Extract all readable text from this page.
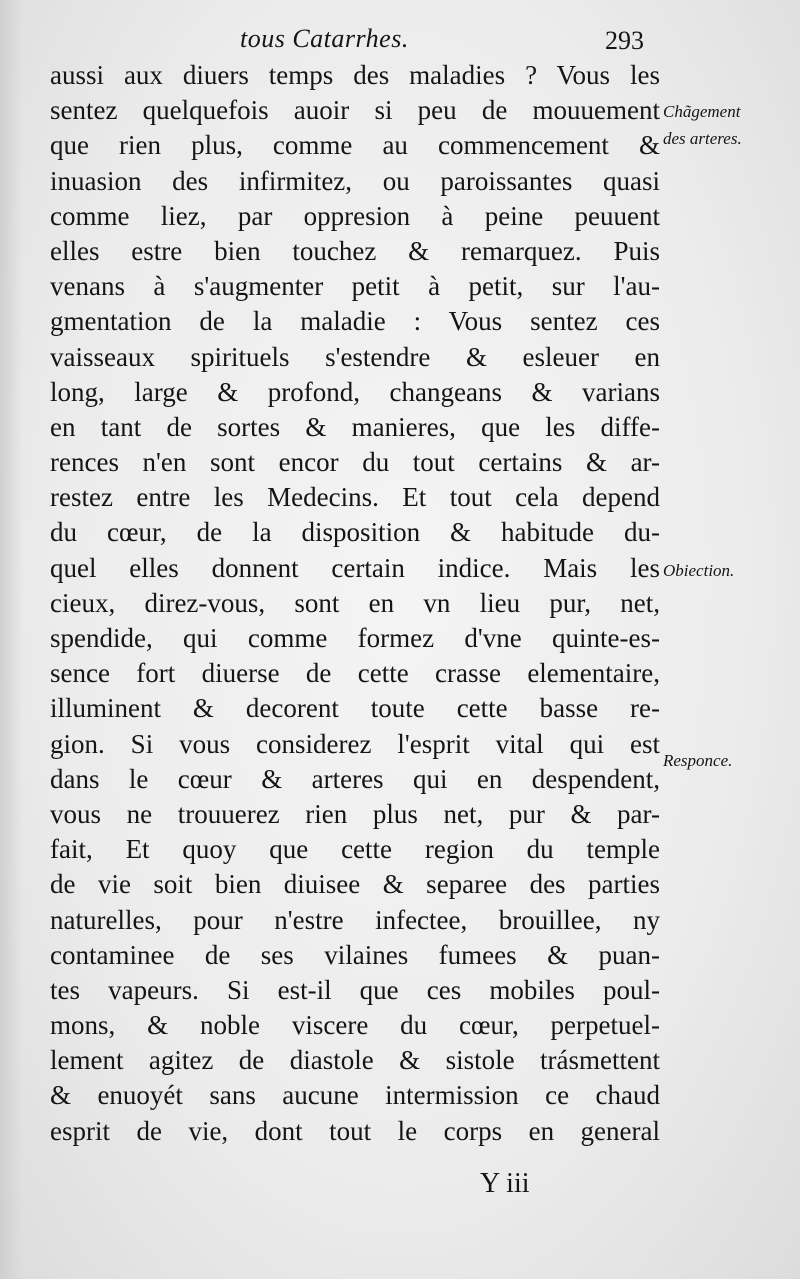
tous Catarrhes.	293
aussi aux diuers temps des maladies ? Vous les
sentez quelquefois auoir si peu de mouuement
que rien plus, comme au commencement &
inuasion des infirmitez, ou paroissantes quasi
comme liez, par oppresion à peine peuuent
elles estre bien touchez & remarquez. Puis
venans à s'augmenter petit à petit, sur l'au-
gmentation de la maladie : Vous sentez ces
vaisseaux spirituels s'estendre & esleuer en
long, large & profond, changeans & varians
en tant de sortes & manieres, que les diffe-
rences n'en sont encor du tout certains & ar-
restez entre les Medecins. Et tout cela depend
du cœur, de la disposition & habitude du-
quel elles donnent certain indice. Mais les
cieux, direz-vous, sont en vn lieu pur, net,
spendide, qui comme formez d'vne quinte-es-
sence fort diuerse de cette crasse elementaire,
illuminent & decorent toute cette basse re-
gion. Si vous considerez l'esprit vital qui est
dans le cœur & arteres qui en despendent,
vous ne trouuerez rien plus net, pur & par-
fait, Et quoy que cette region du temple
de vie soit bien diuisee & separee des parties
naturelles, pour n'estre infectee, brouillee, ny
contaminee de ses vilaines fumees & puan-
tes vapeurs. Si est-il que ces mobiles poul-
mons, & noble viscere du cœur, perpetuel-
lement agitez de diastole & sistole trásmettent
& enuoyét sans aucune intermission ce chaud
esprit de vie, dont tout le corps en general
Chãgement
des arteres.
Obiection.
Responce.
Y iii
